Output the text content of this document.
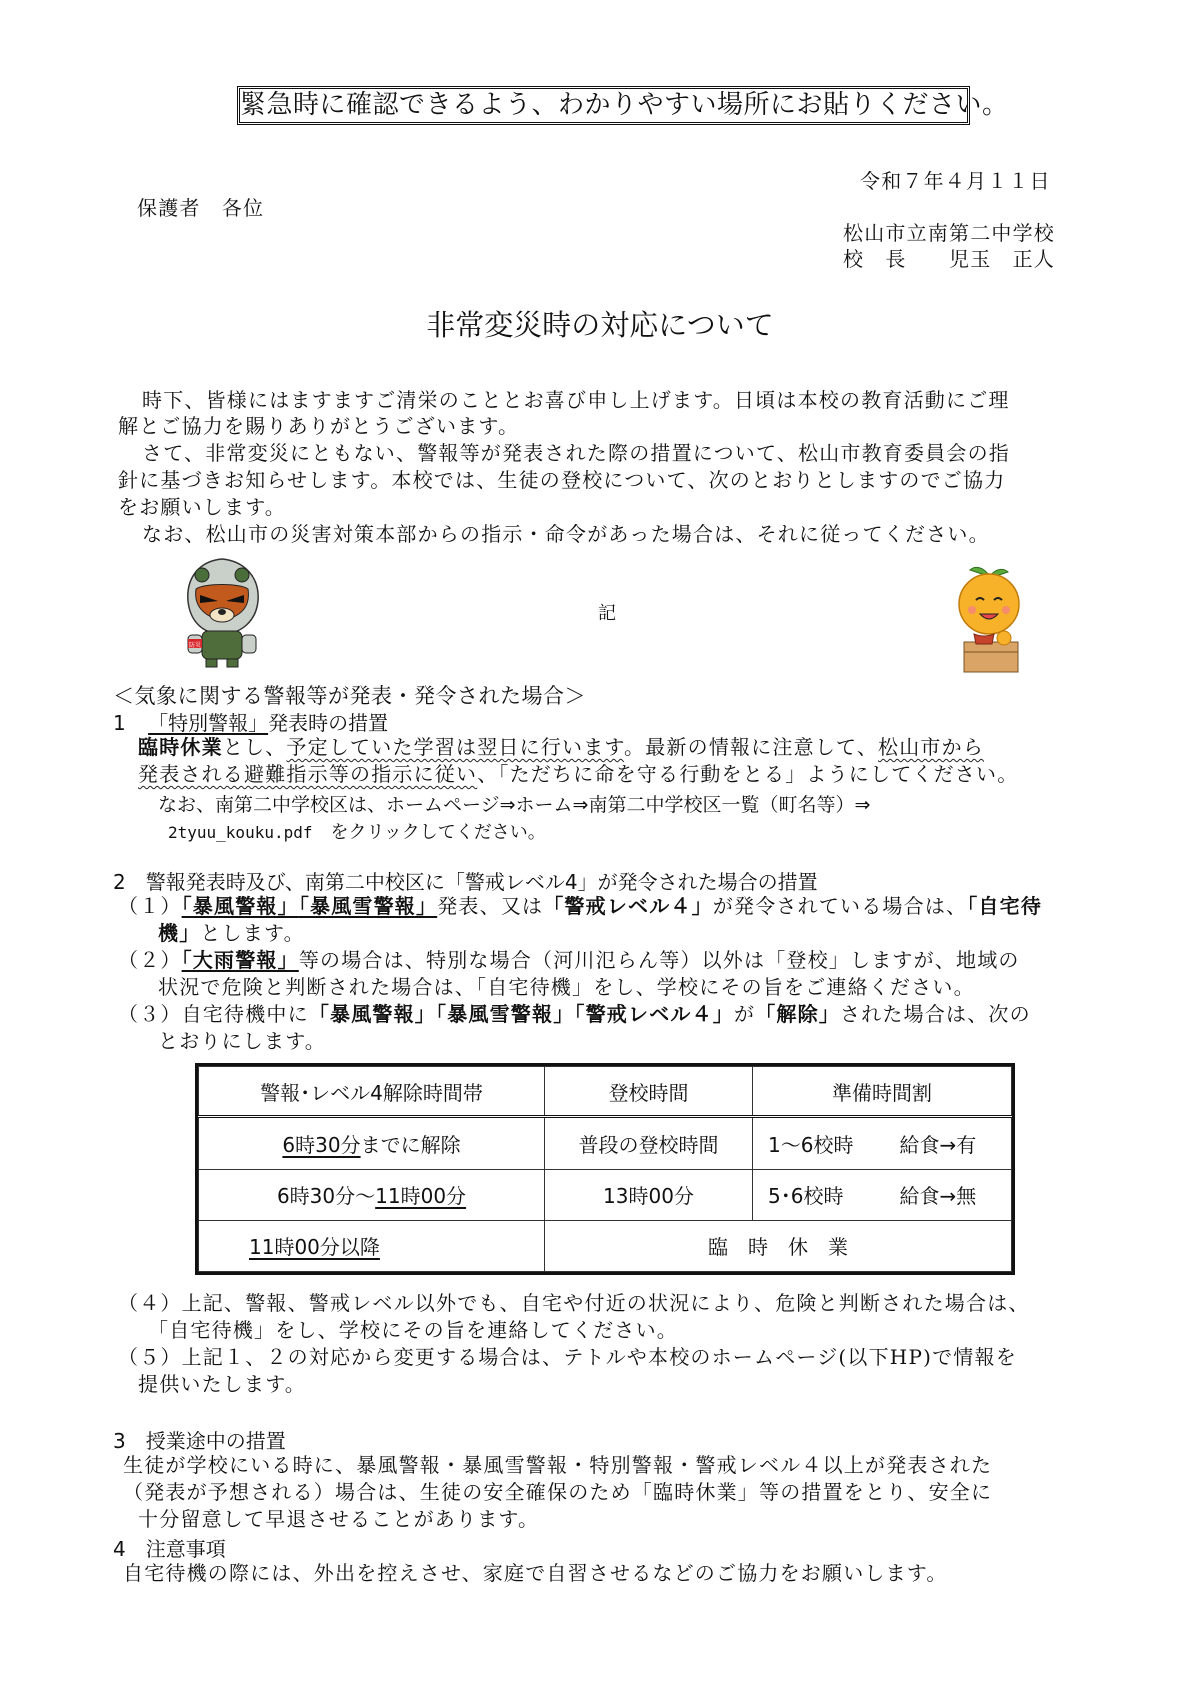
緊急時に確認できるよう、わかりやすい場所にお貼りください。
令和７年４月１１日
保護者　各位
松山市立南第二中学校
校　長　　児玉　正人
非常変災時の対応について
時下、皆様にはますますご清栄のこととお喜び申し上げます。日頃は本校の教育活動にご理
解とご協力を賜りありがとうございます。
さて、非常変災にともない、警報等が発表された際の措置について、松山市教育委員会の指
針に基づきお知らせします。本校では、生徒の登校について、次のとおりとしますのでご協力
をお願いします。
なお、松山市の災害対策本部からの指示・命令があった場合は、それに従ってください。
防災
記
＜気象に関する警報等が発表・発令された場合＞
1 「特別警報」発表時の措置
臨時休業とし、予定していた学習は翌日に行います。最新の情報に注意して、松山市から
発表される避難指示等の指示に従い、「ただちに命を守る行動をとる」ようにしてください。
なお、南第二中学校区は、ホームページ⇒ホーム⇒南第二中学校区一覧（町名等）⇒
2tyuu_kouku.pdf をクリックしてください。
2　警報発表時及び、南第二中校区に「警戒レベル4」が発令された場合の措置
（１）「暴風警報」「暴風雪警報」発表、又は「警戒レベル４」が発令されている場合は、「自宅待
機」とします。
（２）「大雨警報」等の場合は、特別な場合（河川氾らん等）以外は「登校」しますが、地域の
状況で危険と判断された場合は、「自宅待機」をし、学校にその旨をご連絡ください。
（３）自宅待機中に「暴風警報」「暴風雪警報」「警戒レベル４」が「解除」された場合は、次の
とおりにします。
警報･レベル4解除時間帯	登校時間	準備時間割
6時30分までに解除	普段の登校時間	1～6校時 給食→有
6時30分～11時00分	13時00分	5･6校時 給食→無
11時00分以降	臨　時　休　業	
（４）上記、警報、警戒レベル以外でも、自宅や付近の状況により、危険と判断された場合は、
「自宅待機」をし、学校にその旨を連絡してください。
（５）上記１、２の対応から変更する場合は、テトルや本校のホームページ(以下HP)で情報を
提供いたします。
3　授業途中の措置
生徒が学校にいる時に、暴風警報・暴風雪警報・特別警報・警戒レベル４以上が発表された
（発表が予想される）場合は、生徒の安全確保のため「臨時休業」等の措置をとり、安全に
十分留意して早退させることがあります。
4　注意事項
自宅待機の際には、外出を控えさせ、家庭で自習させるなどのご協力をお願いします。
